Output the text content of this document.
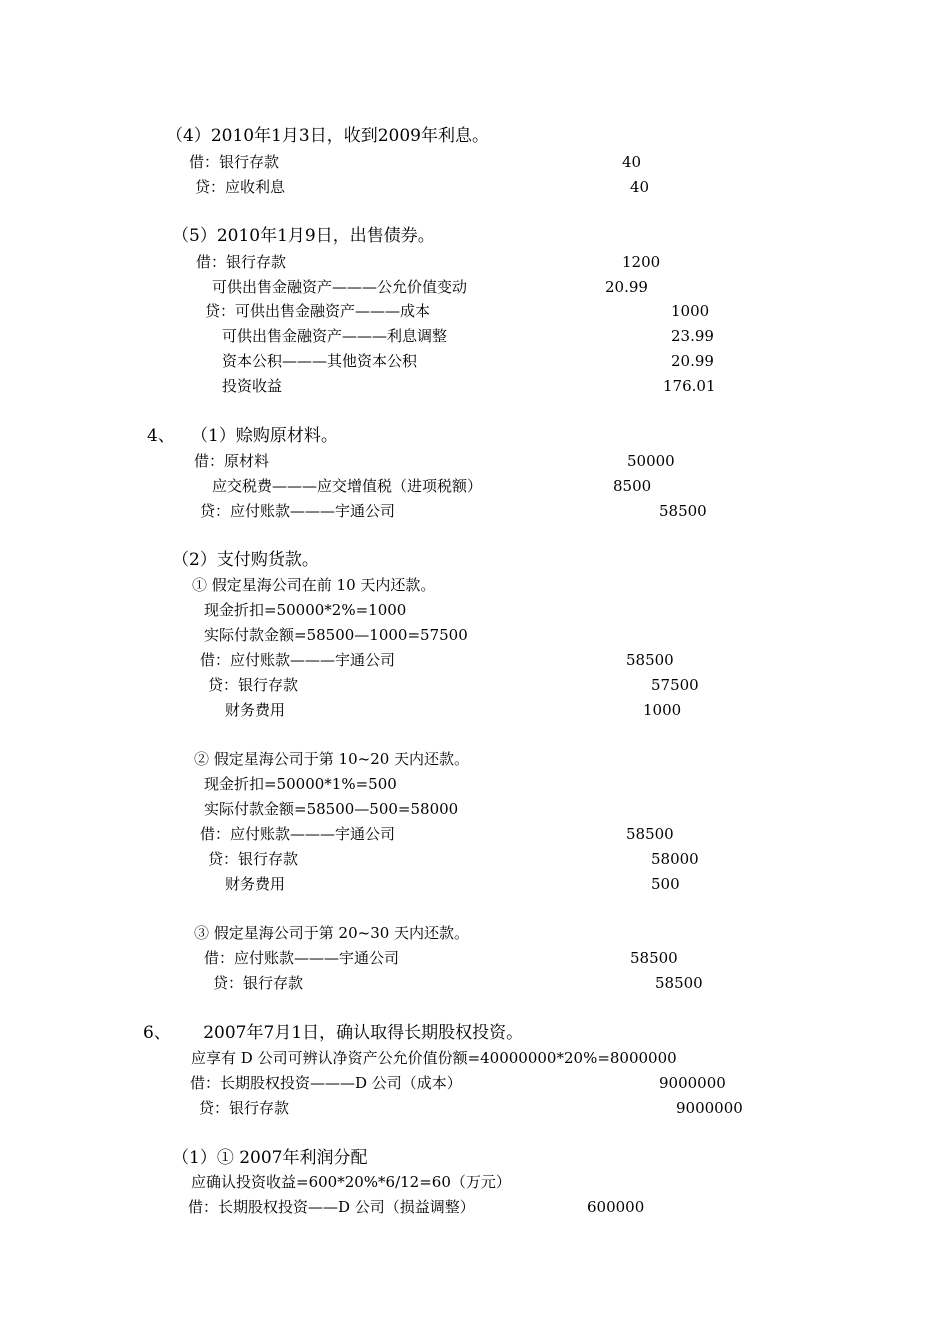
（4）2010年1月3日，收到2009年利息。
借：银行存款	40
贷：应收利息	40
（5）2010年1月9日，出售债券。
借：银行存款	1200
可供出售金融资产———公允价值变动	20.99
贷：可供出售金融资产———成本	1000
可供出售金融资产———利息调整	23.99
资本公积———其他资本公积	20.99
投资收益	176.01
4、   （1）赊购原材料。
借：原材料	50000
应交税费———应交增值税（进项税额）	8500
贷：应付账款———宇通公司	58500
（2）支付购货款。
① 假定星海公司在前 10 天内还款。
现金折扣=50000*2%=1000
实际付款金额=58500—1000=57500
借：应付账款———宇通公司	58500
贷：银行存款	57500
财务费用	1000
② 假定星海公司于第 10~20 天内还款。
现金折扣=50000*1%=500
实际付款金额=58500—500=58000
借：应付账款———宇通公司	58500
贷：银行存款	58000
财务费用	500
③ 假定星海公司于第 20~30 天内还款。
借：应付账款———宇通公司	58500
贷：银行存款	58500
6、      2007年7月1日，确认取得长期股权投资。
应享有 D 公司可辨认净资产公允价值份额=40000000*20%=8000000
借：长期股权投资———D 公司（成本）	9000000
贷：银行存款	9000000
（1）① 2007年利润分配
应确认投资收益=600*20%*6/12=60（万元）
借：长期股权投资——D 公司（损益调整）	600000
